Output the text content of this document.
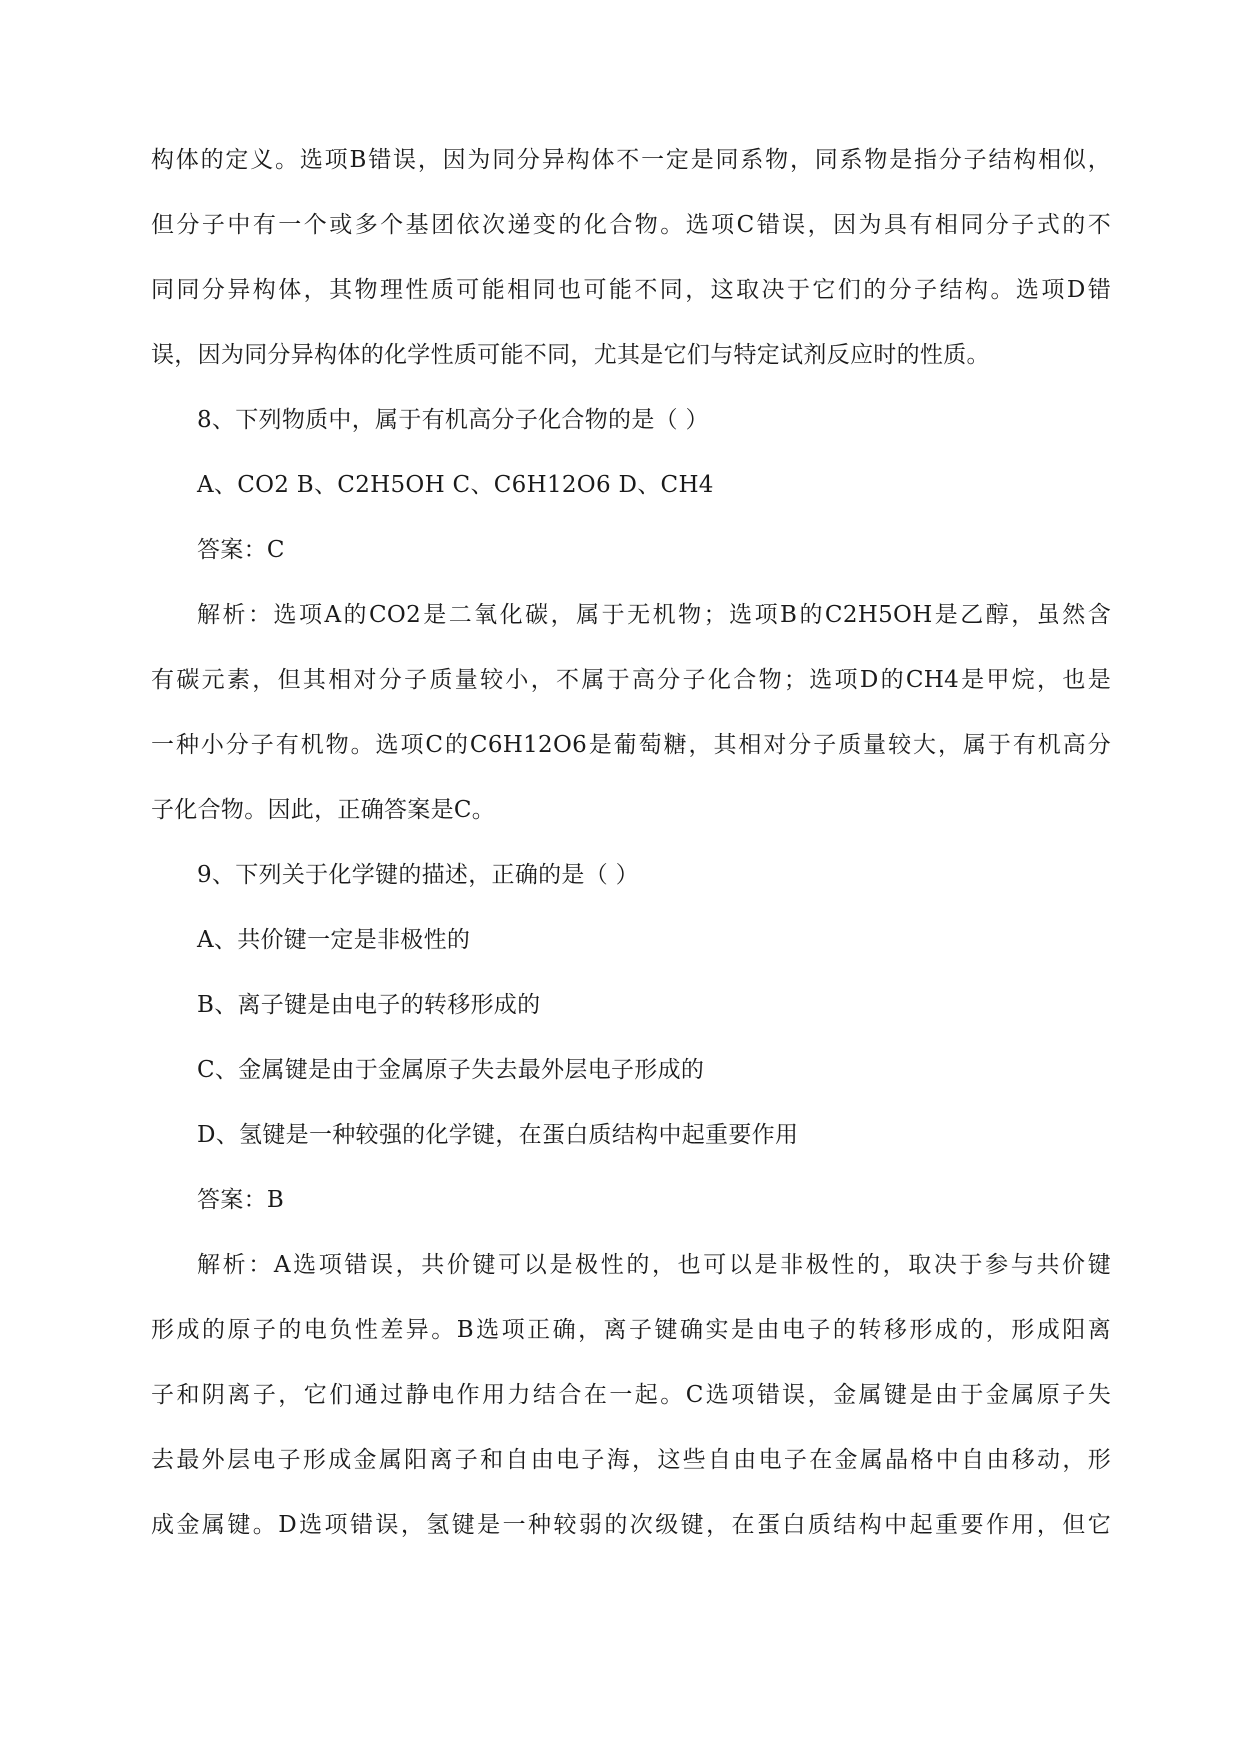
构体的定义。选项B错误，因为同分异构体不一定是同系物，同系物是指分子结构相似，
但分子中有一个或多个基团依次递变的化合物。选项C错误，因为具有相同分子式的不
同同分异构体，其物理性质可能相同也可能不同，这取决于它们的分子结构。选项D错
误，因为同分异构体的化学性质可能不同，尤其是它们与特定试剂反应时的性质。
8、下列物质中，属于有机高分子化合物的是（ ）
A、CO2 B、C2H5OH C、C6H12O6 D、CH4
答案：C
解析：选项A的CO2是二氧化碳，属于无机物；选项B的C2H5OH是乙醇，虽然含
有碳元素，但其相对分子质量较小，不属于高分子化合物；选项D的CH4是甲烷，也是
一种小分子有机物。选项C的C6H12O6是葡萄糖，其相对分子质量较大，属于有机高分
子化合物。因此，正确答案是C。
9、下列关于化学键的描述，正确的是（ ）
A、共价键一定是非极性的
B、离子键是由电子的转移形成的
C、金属键是由于金属原子失去最外层电子形成的
D、氢键是一种较强的化学键，在蛋白质结构中起重要作用
答案：B
解析：A选项错误，共价键可以是极性的，也可以是非极性的，取决于参与共价键
形成的原子的电负性差异。B选项正确，离子键确实是由电子的转移形成的，形成阳离
子和阴离子，它们通过静电作用力结合在一起。C选项错误，金属键是由于金属原子失
去最外层电子形成金属阳离子和自由电子海，这些自由电子在金属晶格中自由移动，形
成金属键。D选项错误，氢键是一种较弱的次级键，在蛋白质结构中起重要作用，但它
